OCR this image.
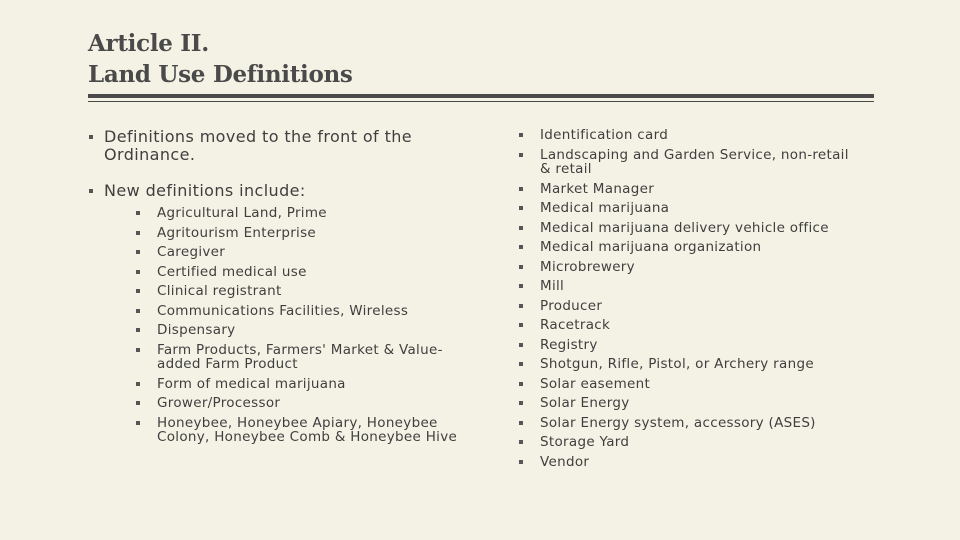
Article II.
Land Use Definitions
Definitions moved to the front of the Ordinance.
New definitions include:
Agricultural Land, Prime
Agritourism Enterprise
Caregiver
Certified medical use
Clinical registrant
Communications Facilities, Wireless
Dispensary
Farm Products, Farmers' Market & Value-added Farm Product
Form of medical marijuana
Grower/Processor
Honeybee, Honeybee Apiary, Honeybee Colony, Honeybee Comb & Honeybee Hive
Identification card
Landscaping and Garden Service, non-retail & retail
Market Manager
Medical marijuana
Medical marijuana delivery vehicle office
Medical marijuana organization
Microbrewery
Mill
Producer
Racetrack
Registry
Shotgun, Rifle, Pistol, or Archery range
Solar easement
Solar Energy
Solar Energy system, accessory (ASES)
Storage Yard
Vendor
